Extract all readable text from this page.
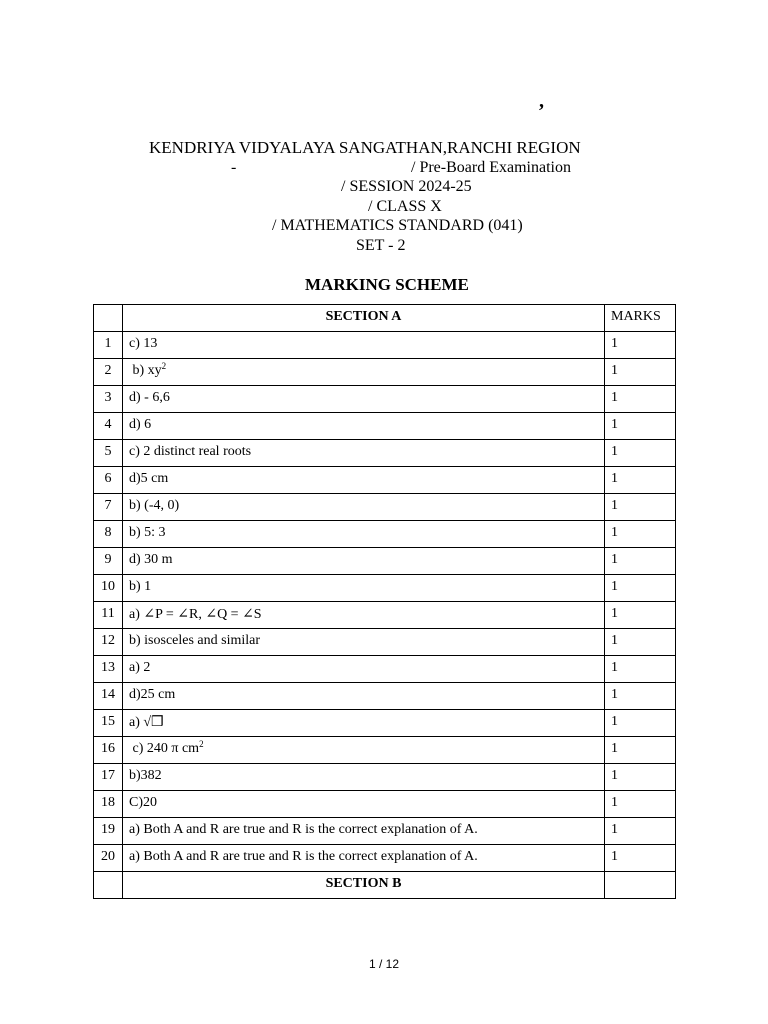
,
KENDRIYA VIDYALAYA SANGATHAN,RANCHI REGION
-	/ Pre-Board Examination
/ SESSION 2024-25
/ CLASS X
/ MATHEMATICS STANDARD (041)
SET - 2
MARKING SCHEME
	SECTION A	MARKS
1	c) 13	1
2	b) $xy^2$	1
3	d) - 6,6	1
4	d) 6	1
5	c) 2 distinct real roots	1
6	d)5 cm	1
7	b) (-4, 0)	1
8	b) 5: 3	1
9	d) 30 m	1
10	b) 1	1
11	a) ∠P = ∠R, ∠Q = ∠S	1
12	b) isosceles and similar	1
13	a) 2	1
14	d)25 cm	1
15	a) √❒	1
16	c) 240 π $cm^2$	1
17	b)382	1
18	C)20	1
19	a) Both A and R are true and R is the correct explanation of A.	1
20	a) Both A and R are true and R is the correct explanation of A.	1
	SECTION B	
1 / 12
